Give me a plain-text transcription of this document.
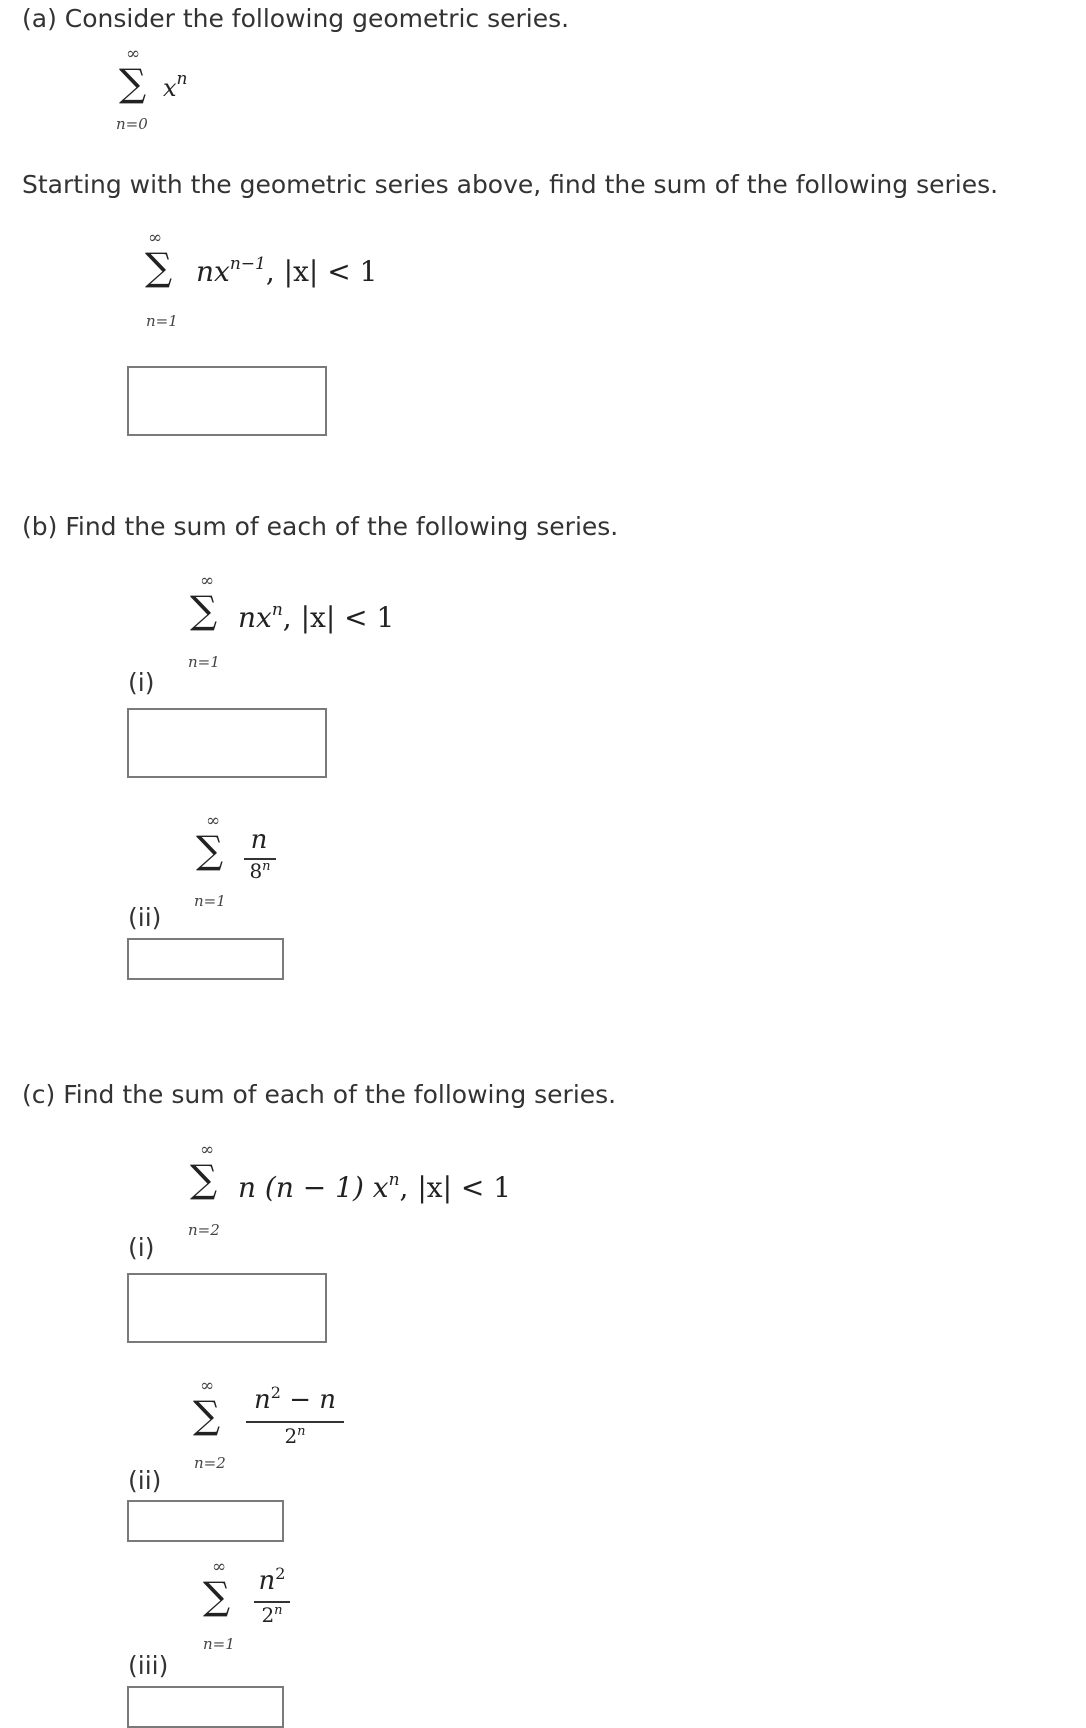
(a) Consider the following geometric series.
∞
∑ $x^n$
n=0
Starting with the geometric series above, find the sum of the following series.
∞
∑ $nx^{n-1}$, |x| < 1
n=1
(b) Find the sum of each of the following series.
∞
∑ $nx^n$, |x| < 1
n=1
(i)
∞
∑	n
8$^n$
n=1
(ii)
(c) Find the sum of each of the following series.
∞
∑ n (n − 1) $x^n$, |x| < 1
n=2
(i)
∞
∑	$n^2 - n$
2$^n$
n=2
(ii)
∞
∑ $n^2$
2$^n$
n=1
(iii)
